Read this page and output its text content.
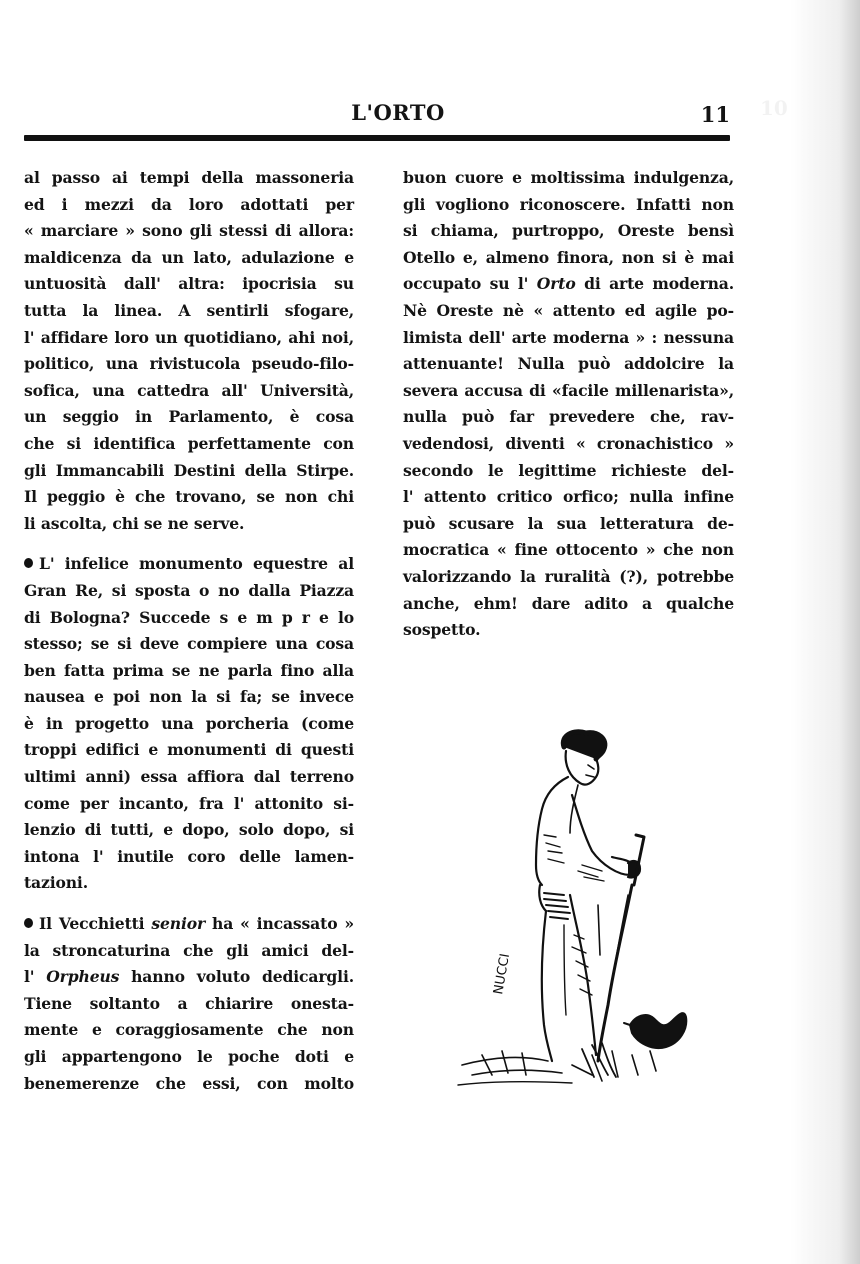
10
L'ORTO	11
al passo ai tempi della massoneria
ed i mezzi da loro adottati per
« marciare » sono gli stessi di allora:
maldicenza da un lato, adulazione e
untuosità dall' altra: ipocrisia su
tutta la linea. A sentirli sfogare,
l' affidare loro un quotidiano, ahi noi,
politico, una rivistucola pseudo-filo-
sofica, una cattedra all' Università,
un seggio in Parlamento, è cosa
che si identifica perfettamente con
gli Immancabili Destini della Stirpe.
Il peggio è che trovano, se non chi
li ascolta, chi se ne serve.
L' infelice monumento equestre al
Gran Re, si sposta o no dalla Piazza
di Bologna? Succede s e m p r e lo
stesso; se si deve compiere una cosa
ben fatta prima se ne parla fino alla
nausea e poi non la si fa; se invece
è in progetto una porcheria (come
troppi edifici e monumenti di questi
ultimi anni) essa affiora dal terreno
come per incanto, fra l' attonito si-
lenzio di tutti, e dopo, solo dopo, si
intona l' inutile coro delle lamen-
tazioni.
Il Vecchietti senior ha « incassato »
la stroncaturina che gli amici del-
l' Orpheus hanno voluto dedicargli.
Tiene soltanto a chiarire onesta-
mente e coraggiosamente che non
gli appartengono le poche doti e
benemerenze che essi, con molto
buon cuore e moltissima indulgenza,
gli vogliono riconoscere. Infatti non
si chiama, purtroppo, Oreste bensì
Otello e, almeno finora, non si è mai
occupato su l' Orto di arte moderna.
Nè Oreste nè « attento ed agile po-
limista dell' arte moderna » : nessuna
attenuante! Nulla può addolcire la
severa accusa di «facile millenarista»,
nulla può far prevedere che, rav-
vedendosi, diventi « cronachistico »
secondo le legittime richieste del-
l' attento critico orfico; nulla infine
può scusare la sua letteratura de-
mocratica « fine ottocento » che non
valorizzando la ruralità (?), potrebbe
anche, ehm! dare adito a qualche
sospetto.
NUCCI
